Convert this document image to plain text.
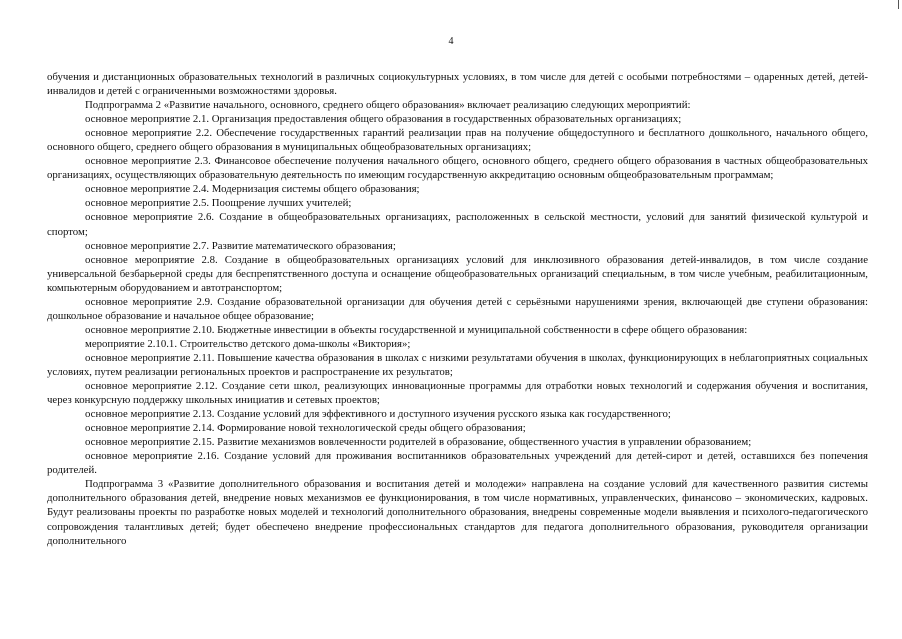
4

обучения и дистанционных образовательных технологий в различных социокультурных условиях, в том числе для детей с особыми потребностями – одаренных детей, детей-инвалидов и детей с ограниченными возможностями здоровья.

Подпрограмма 2 «Развитие начального, основного, среднего общего образования» включает реализацию следующих мероприятий:

основное мероприятие 2.1. Организация предоставления общего образования в государственных образовательных организациях;

основное мероприятие 2.2. Обеспечение государственных гарантий реализации прав на получение общедоступного и бесплатного дошкольного, начального общего, основного общего, среднего общего образования в муниципальных общеобразовательных организациях;

основное мероприятие 2.3. Финансовое обеспечение получения начального общего, основного общего, среднего общего образования в частных общеобразовательных организациях, осуществляющих образовательную деятельность по имеющим государственную аккредитацию основным общеобразовательным программам;

основное мероприятие 2.4. Модернизация системы общего образования;

основное мероприятие 2.5. Поощрение лучших учителей;

основное мероприятие 2.6. Создание в общеобразовательных организациях, расположенных в сельской местности, условий для занятий физической культурой и спортом;

основное мероприятие 2.7. Развитие математического образования;

основное мероприятие 2.8. Создание в общеобразовательных организациях условий для инклюзивного образования детей-инвалидов, в том числе создание универсальной безбарьерной среды для беспрепятственного доступа и оснащение общеобразовательных организаций специальным, в том числе учебным, реабилитационным, компьютерным оборудованием и автотранспортом;

основное мероприятие 2.9. Создание образовательной организации для обучения детей с серьёзными нарушениями зрения, включающей две ступени образования: дошкольное образование и начальное общее образование;

основное мероприятие 2.10. Бюджетные инвестиции в объекты государственной и муниципальной собственности в сфере общего образования:

мероприятие 2.10.1. Строительство детского дома-школы «Виктория»;

основное мероприятие 2.11. Повышение качества образования в школах с низкими результатами обучения в школах, функционирующих в неблагоприятных социальных условиях, путем реализации региональных проектов и распространение их результатов;

основное мероприятие 2.12. Создание сети школ, реализующих инновационные программы для отработки новых технологий и содержания обучения и воспитания, через конкурсную поддержку школьных инициатив и сетевых проектов;

основное мероприятие 2.13. Создание условий для эффективного и доступного изучения русского языка как государственного;

основное мероприятие 2.14. Формирование новой технологической среды общего образования;

основное мероприятие 2.15. Развитие механизмов вовлеченности родителей в образование, общественного участия в управлении образованием;

основное мероприятие 2.16. Создание условий для проживания воспитанников образовательных учреждений для детей-сирот и детей, оставшихся без попечения родителей.

Подпрограмма 3 «Развитие дополнительного образования и воспитания детей и молодежи» направлена на создание условий для качественного развития системы дополнительного образования детей, внедрение новых механизмов ее функционирования, в том числе нормативных, управленческих, финансово – экономических, кадровых. Будут реализованы проекты по разработке новых моделей и технологий дополнительного образования, внедрены современные модели выявления и психолого-педагогического сопровождения талантливых детей; будет обеспечено внедрение профессиональных стандартов для педагога дополнительного образования, руководителя организации дополнительного
